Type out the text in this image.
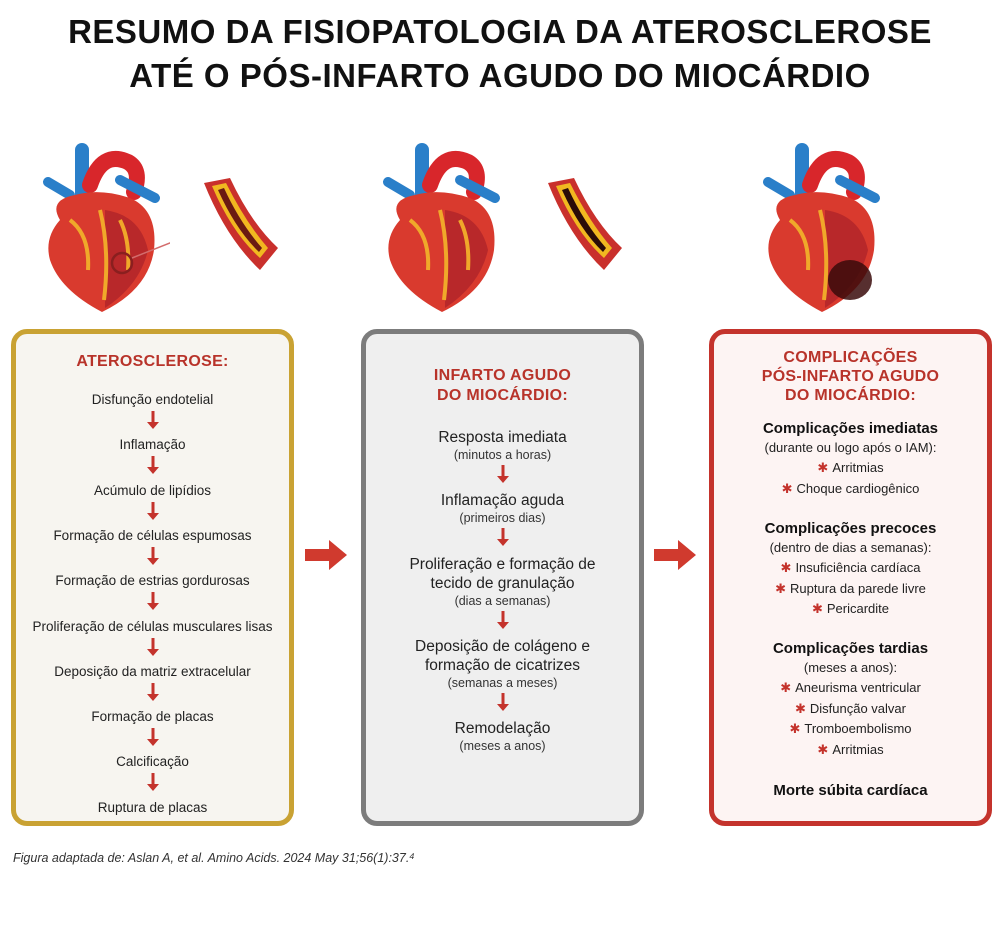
RESUMO DA FISIOPATOLOGIA DA ATEROSCLEROSE
ATÉ O PÓS-INFARTO AGUDO DO MIOCÁRDIO
ATEROSCLEROSE:
Disfunção endotelial
Inflamação
Acúmulo de lipídios
Formação de células espumosas
Formação de estrias gordurosas
Proliferação de células musculares lisas
Deposição da matriz extracelular
Formação de placas
Calcificação
Ruptura de placas
INFARTO AGUDO
DO MIOCÁRDIO:
Resposta imediata
(minutos a horas)
Inflamação aguda
(primeiros dias)
Proliferação e formação de
tecido de granulação
(dias a semanas)
Deposição de colágeno e
formação de cicatrizes
(semanas a meses)
Remodelação
(meses a anos)
COMPLICAÇÕES
PÓS-INFARTO AGUDO
DO MIOCÁRDIO:
Complicações imediatas
(durante ou logo após o IAM):
✱ Arritmias
✱ Choque cardiogênico
Complicações precoces
(dentro de dias a semanas):
✱ Insuficiência cardíaca
✱ Ruptura da parede livre
✱ Pericardite
Complicações tardias
(meses a anos):
✱ Aneurisma ventricular
✱ Disfunção valvar
✱ Tromboembolismo
✱ Arritmias
Morte súbita cardíaca
Figura adaptada de: Aslan A, et al. Amino Acids. 2024 May 31;56(1):37.⁴
